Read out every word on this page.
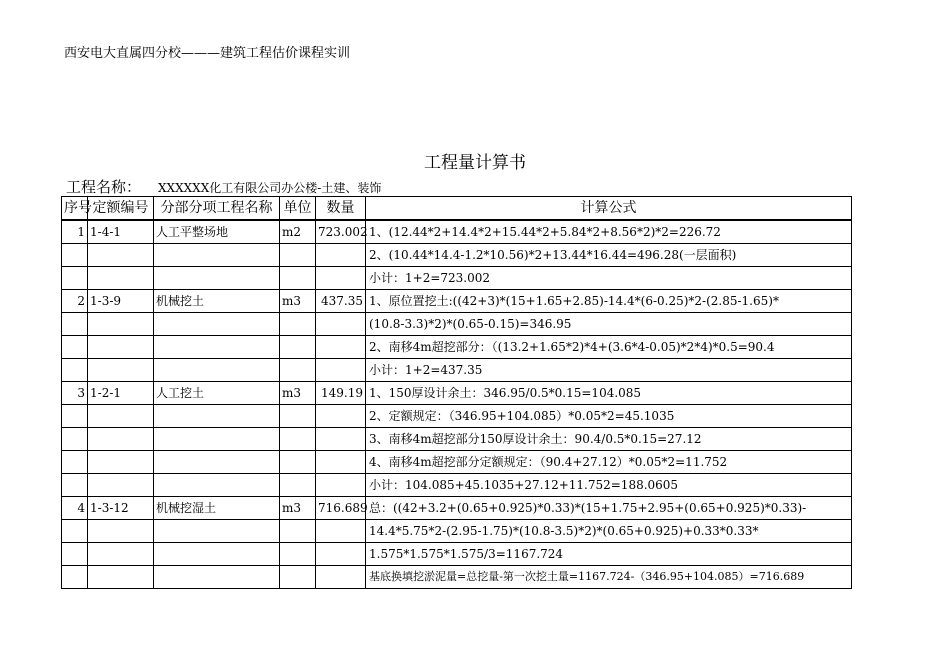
西安电大直属四分校———建筑工程估价课程实训
工程量计算书
工程名称： XXXXXX化工有限公司办公楼-土建、装饰
序号	定额编号	分部分项工程名称	单位	数量	计算公式
1	1-4-1	人工平整场地	m2	723.002	1、(12.44*2+14.4*2+15.44*2+5.84*2+8.56*2)*2=226.72
					2、(10.44*14.4-1.2*10.56)*2+13.44*16.44=496.28(一层面积)
					小计：1+2=723.002
2	1-3-9	机械挖土	m3	437.35	1、原位置挖土:((42+3)*(15+1.65+2.85)-14.4*(6-0.25)*2-(2.85-1.65)*
					(10.8-3.3)*2)*(0.65-0.15)=346.95
					2、南移4m超挖部分：（(13.2+1.65*2)*4+(3.6*4-0.05)*2*4)*0.5=90.4
					小计：1+2=437.35
3	1-2-1	人工挖土	m3	149.19	1、150厚设计余土：346.95/0.5*0.15=104.085
					2、定额规定：（346.95+104.085）*0.05*2=45.1035
					3、南移4m超挖部分150厚设计余土：90.4/0.5*0.15=27.12
					4、南移4m超挖部分定额规定：（90.4+27.12）*0.05*2=11.752
					小计：104.085+45.1035+27.12+11.752=188.0605
4	1-3-12	机械挖湿土	m3	716.689	总：((42+3.2+(0.65+0.925)*0.33)*(15+1.75+2.95+(0.65+0.925)*0.33)-
					14.4*5.75*2-(2.95-1.75)*(10.8-3.5)*2)*(0.65+0.925)+0.33*0.33*
					1.575*1.575*1.575/3=1167.724
					基底换填挖淤泥量=总挖量-第一次挖土量=1167.724-（346.95+104.085）=716.689
